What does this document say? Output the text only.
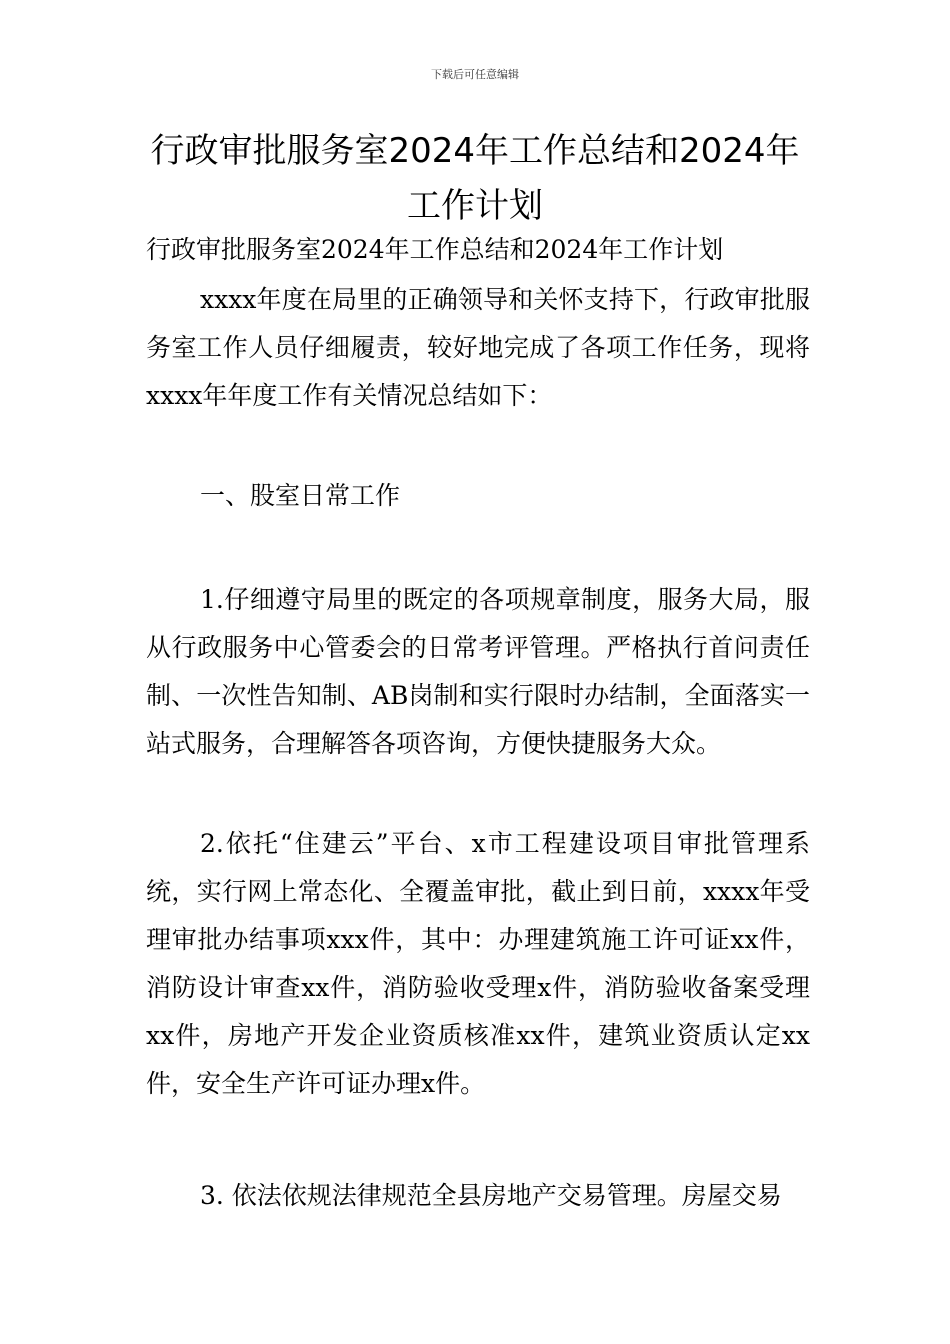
下载后可任意编辑
行政审批服务室2024年工作总结和2024年工作计划

行政审批服务室2024年工作总结和2024年工作计划

xxxx年度在局里的正确领导和关怀支持下，行政审批服务室工作人员仔细履责，较好地完成了各项工作任务，现将xxxx年年度工作有关情况总结如下：

一、股室日常工作

1.仔细遵守局里的既定的各项规章制度，服务大局，服从行政服务中心管委会的日常考评管理。严格执行首问责任制、一次性告知制、AB岗制和实行限时办结制，全面落实一站式服务，合理解答各项咨询，方便快捷服务大众。

2.依托“住建云”平台、x市工程建设项目审批管理系统，实行网上常态化、全覆盖审批，截止到日前，xxxx年受理审批办结事项xxx件，其中：办理建筑施工许可证xx件，消防设计审查xx件，消防验收受理x件，消防验收备案受理xx件，房地产开发企业资质核准xx件，建筑业资质认定xx件，安全生产许可证办理x件。

3. 依法依规法律规范全县房地产交易管理。房屋交易
